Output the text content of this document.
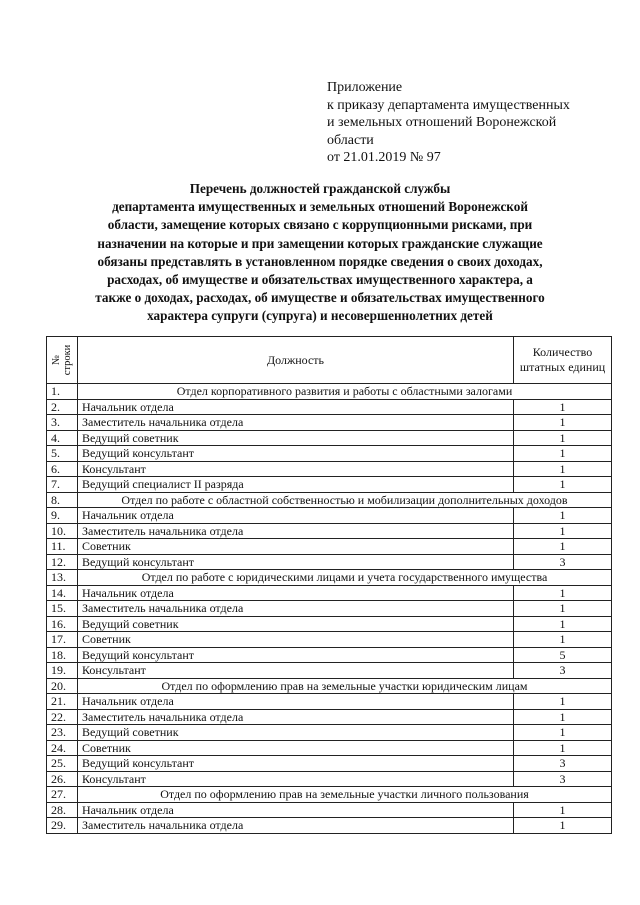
Приложение
к приказу департамента имущественных
и земельных отношений Воронежской
области
от 21.01.2019 № 97
Перечень должностей гражданской службы
департамента имущественных и земельных отношений Воронежской
области, замещение которых связано с коррупционными рисками, при
назначении на которые и при замещении которых гражданские служащие
обязаны представлять в установленном порядке сведения о своих доходах,
расходах, об имуществе и обязательствах имущественного характера, а
также о доходах, расходах, об имуществе и обязательствах имущественного
характера супруги (супруга) и несовершеннолетних детей
№ строки	Должность	Количество штатных единиц
1.	Отдел корпоративного развития и работы с областными залогами	
2.	Начальник отдела	1
3.	Заместитель начальника отдела	1
4.	Ведущий советник	1
5.	Ведущий консультант	1
6.	Консультант	1
7.	Ведущий специалист II разряда	1
8.	Отдел по работе с областной собственностью и мобилизации дополнительных доходов	
9.	Начальник отдела	1
10.	Заместитель начальника отдела	1
11.	Советник	1
12.	Ведущий консультант	3
13.	Отдел по работе с юридическими лицами и учета государственного имущества	
14.	Начальник отдела	1
15.	Заместитель начальника отдела	1
16.	Ведущий советник	1
17.	Советник	1
18.	Ведущий консультант	5
19.	Консультант	3
20.	Отдел по оформлению прав на земельные участки юридическим лицам	
21.	Начальник отдела	1
22.	Заместитель начальника отдела	1
23.	Ведущий советник	1
24.	Советник	1
25.	Ведущий консультант	3
26.	Консультант	3
27.	Отдел по оформлению прав на земельные участки личного пользования	
28.	Начальник отдела	1
29.	Заместитель начальника отдела	1
